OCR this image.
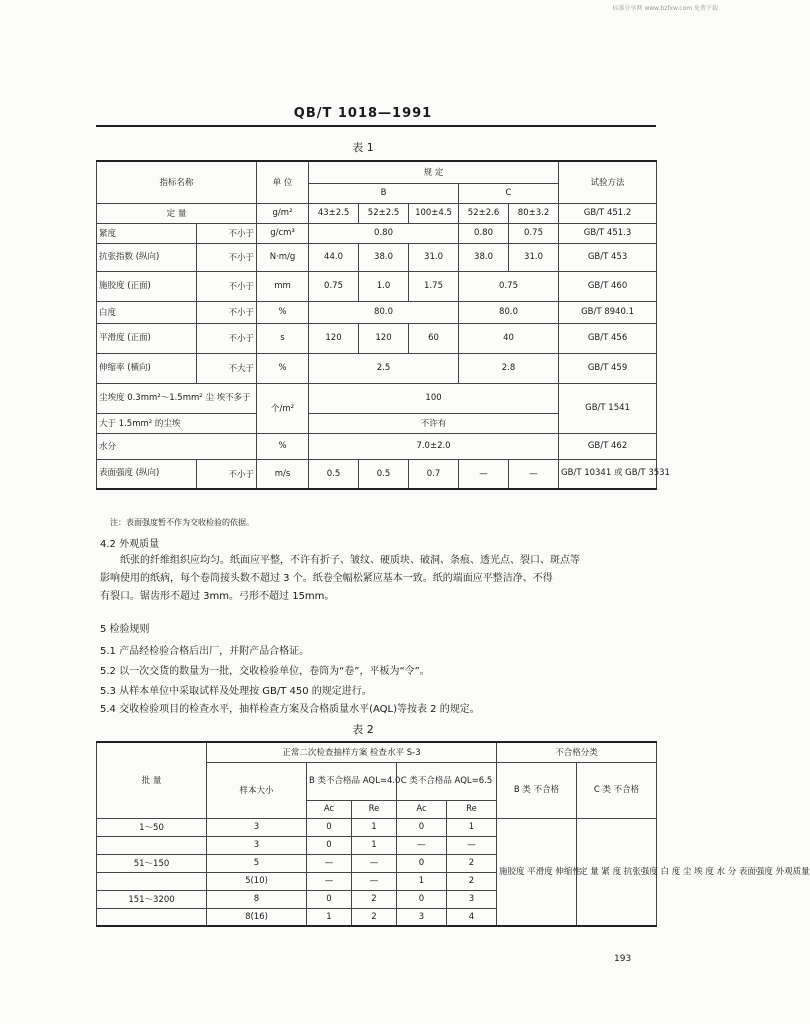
标准分享网 www.bzfxw.com 免费下载
QB/T 1018—1991
表 1
指标名称		单 位	规 定					试验方法
			B			C		
定 量		g/m²	43±2.5	52±2.5	100±4.5	52±2.6	80±3.2	GB/T 451.2
紧度	不小于	g/cm³	0.80			0.80	0.75	GB/T 451.3
抗张指数 (纵向)	不小于	N·m/g	44.0	38.0	31.0	38.0	31.0	GB/T 453
施胶度 (正面)	不小于	mm	0.75	1.0	1.75	0.75		GB/T 460
白度	不小于	%	80.0			80.0		GB/T 8940.1
平滑度 (正面)	不小于	s	120	120	60	40		GB/T 456
伸缩率 (横向)	不大于	%	2.5			2.8		GB/T 459
尘埃度 0.3mm²～1.5mm² 尘 埃不多于		个/m²	100					GB/T 1541
大于 1.5mm² 的尘埃			不许有					
水分		%	7.0±2.0					GB/T 462
表面强度 (纵向)	不小于	m/s	0.5	0.5	0.7	—	—	GB/T 10341 或 GB/T 3531
注：表面强度暂不作为交收检验的依据。
4.2 外观质量
纸张的纤维组织应均匀。纸面应平整，不许有折子、皱纹、硬质块、破洞、条痕、透光点、裂口、斑点等
影响使用的纸病，每个卷筒接头数不超过 3 个。纸卷全幅松紧应基本一致。纸的端面应平整洁净、不得
有裂口。锯齿形不超过 3mm。弓形不超过 15mm。
5 检验规则
5.1 产品经检验合格后出厂，并附产品合格证。
5.2 以一次交货的数量为一批，交收检验单位，卷筒为“卷”，平板为“令”。
5.3 从样本单位中采取试样及处理按 GB/T 450 的规定进行。
5.4 交收检验项目的检查水平，抽样检查方案及合格质量水平(AQL)等按表 2 的规定。
表 2
批 量	正常二次检查抽样方案 检查水平 S-3					不合格分类	
	样本大小	B 类不合格品 AQL=4.0		C 类不合格品 AQL=6.5		B 类 不合格	C 类 不合格
		Ac	Re	Ac	Re		
1～50	3	0	1	0	1	施胶度 平滑度 伸缩性	定 量 紧 度 抗张强度 白 度 尘 埃 度 水 分 表面强度 外观质量
	3	0	1	—	—		
51～150	5	—	—	0	2		
	5(10)	—	—	1	2		
151～3200	8	0	2	0	3		
	8(16)	1	2	3	4		
193
